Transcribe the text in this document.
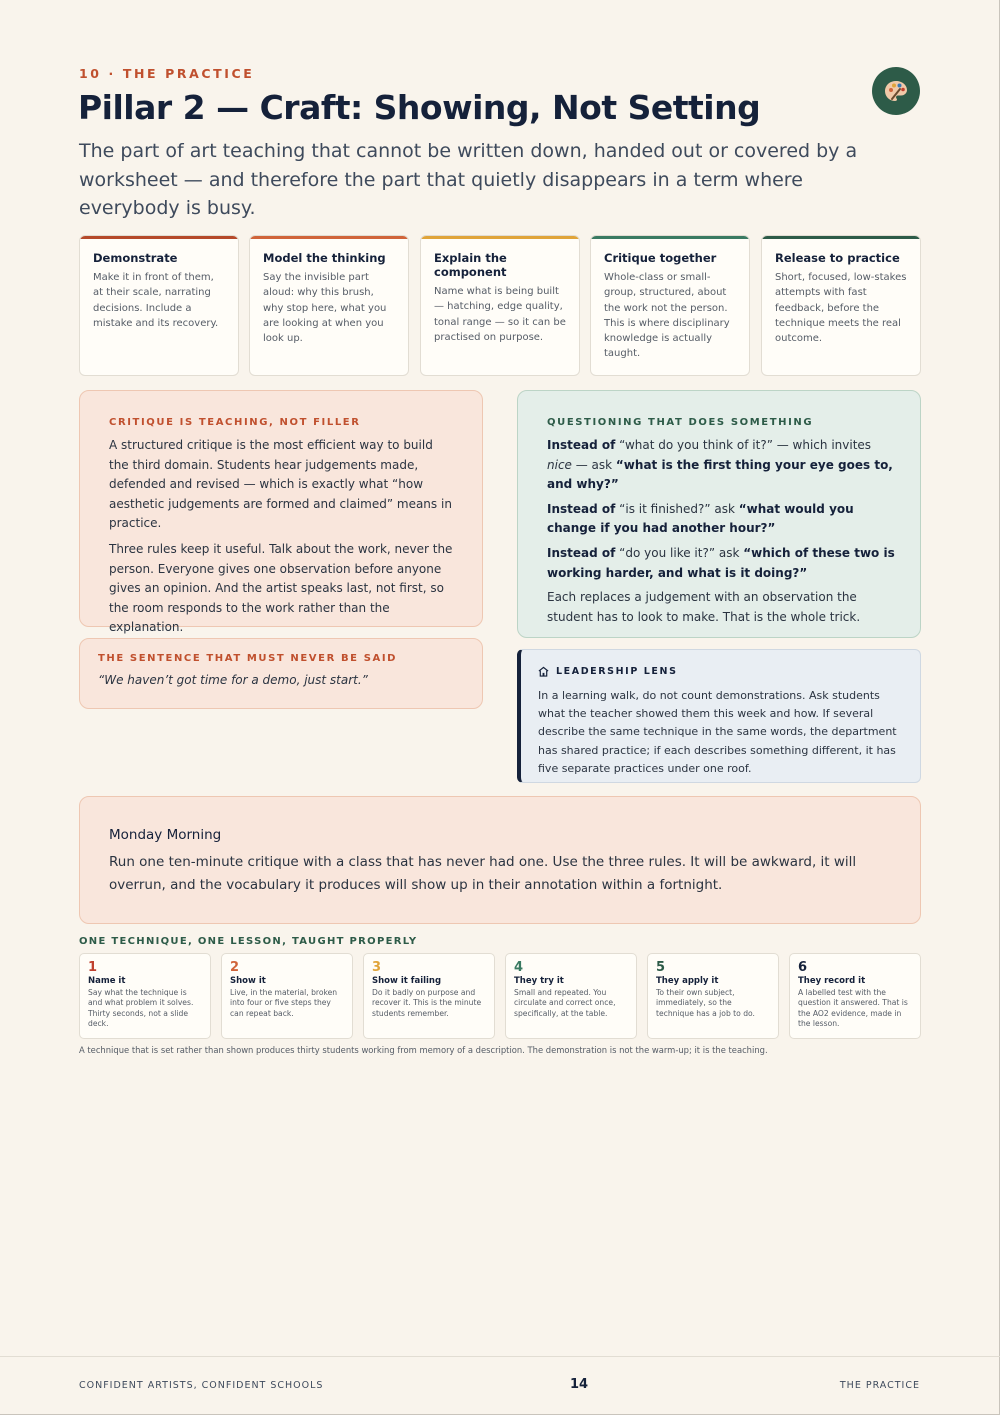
10 · THE PRACTICE
Pillar 2 — Craft: Showing, Not Setting

The part of art teaching that cannot be written down, handed out or covered by a worksheet — and therefore the part that quietly disappears in a term where everybody is busy.

Demonstrate

Make it in front of them, at their scale, narrating decisions. Include a mistake and its recovery.

Model the thinking

Say the invisible part aloud: why this brush, why stop here, what you are looking at when you look up.

Explain the component

Name what is being built — hatching, edge quality, tonal range — so it can be practised on purpose.

Critique together

Whole-class or small-group, structured, about the work not the person. This is where disciplinary knowledge is actually taught.

Release to practice

Short, focused, low-stakes attempts with fast feedback, before the technique meets the real outcome.

CRITIQUE IS TEACHING, NOT FILLER

A structured critique is the most efficient way to build the third domain. Students hear judgements made, defended and revised — which is exactly what “how aesthetic judgements are formed and claimed” means in practice.

Three rules keep it useful. Talk about the work, never the person. Everyone gives one observation before anyone gives an opinion. And the artist speaks last, not first, so the room responds to the work rather than the explanation.

QUESTIONING THAT DOES SOMETHING

Instead of “what do you think of it?” — which invites nice — ask “what is the first thing your eye goes to, and why?”

Instead of “is it finished?” ask “what would you change if you had another hour?”

Instead of “do you like it?” ask “which of these two is working harder, and what is it doing?”

Each replaces a judgement with an observation the student has to look to make. That is the whole trick.

THE SENTENCE THAT MUST NEVER BE SAID
“We haven’t got time for a demo, just start.”
LEADERSHIP LENS

In a learning walk, do not count demonstrations. Ask students what the teacher showed them this week and how. If several describe the same technique in the same words, the department has shared practice; if each describes something different, it has five separate practices under one roof.

Monday Morning

Run one ten-minute critique with a class that has never had one. Use the three rules. It will be awkward, it will overrun, and the vocabulary it produces will show up in their annotation within a fortnight.

ONE TECHNIQUE, ONE LESSON, TAUGHT PROPERLY
1
Name it

Say what the technique is and what problem it solves. Thirty seconds, not a slide deck.

2
Show it

Live, in the material, broken into four or five steps they can repeat back.

3
Show it failing

Do it badly on purpose and recover it. This is the minute students remember.

4
They try it

Small and repeated. You circulate and correct once, specifically, at the table.

5
They apply it

To their own subject, immediately, so the technique has a job to do.

6
They record it

A labelled test with the question it answered. That is the AO2 evidence, made in the lesson.

A technique that is set rather than shown produces thirty students working from memory of a description. The demonstration is not the warm-up; it is the teaching.
CONFIDENT ARTISTS, CONFIDENT SCHOOLS	14	THE PRACTICE
